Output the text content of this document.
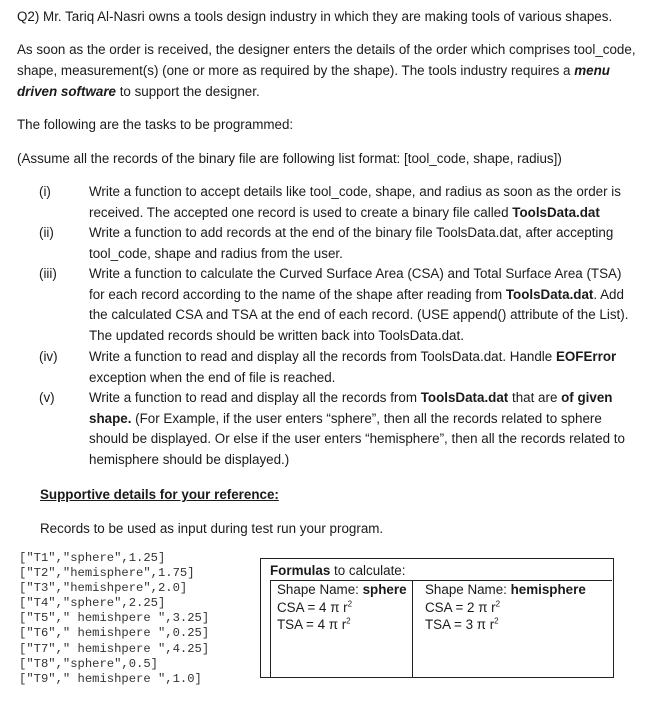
Q2) Mr. Tariq Al-Nasri owns a tools design industry in which they are making tools of various shapes.

As soon as the order is received, the designer enters the details of the order which comprises tool_code, shape, measurement(s) (one or more as required by the shape). The tools industry requires a menu driven software to support the designer.

The following are the tasks to be programmed:

(Assume all the records of the binary file are following list format: [tool_code, shape, radius])

(i)	Write a function to accept details like tool_code, shape, and radius as soon as the order is received. The accepted one record is used to create a binary file called ToolsData.dat

(ii)	Write a function to add records at the end of the binary file ToolsData.dat, after accepting tool_code, shape and radius from the user.

(iii)	Write a function to calculate the Curved Surface Area (CSA) and Total Surface Area (TSA) for each record according to the name of the shape after reading from ToolsData.dat. Add the calculated CSA and TSA at the end of each record. (USE append() attribute of the List). The updated records should be written back into ToolsData.dat.

(iv)	Write a function to read and display all the records from ToolsData.dat. Handle EOFError exception when the end of file is reached.

(v)	Write a function to read and display all the records from ToolsData.dat that are of given shape. (For Example, if the user enters “sphere”, then all the records related to sphere should be displayed. Or else if the user enters “hemisphere”, then all the records related to hemisphere should be displayed.)

Supportive details for your reference:

Records to be used as input during test run your program.

["T1","sphere",1.25]
["T2","hemisphere",1.75]
["T3","hemishpere",2.0]
["T4","sphere",2.25]
["T5"," hemishpere ",3.25]
["T6"," hemishpere ",0.25]
["T7"," hemishpere ",4.25]
["T8","sphere",0.5]
["T9"," hemishpere ",1.0]
Formulas to calculate:
Shape Name: sphere
CSA = 4 π $r^2$
TSA = 4 π $r^2$
Shape Name: hemisphere
CSA = 2 π $r^2$
TSA = 3 π $r^2$
